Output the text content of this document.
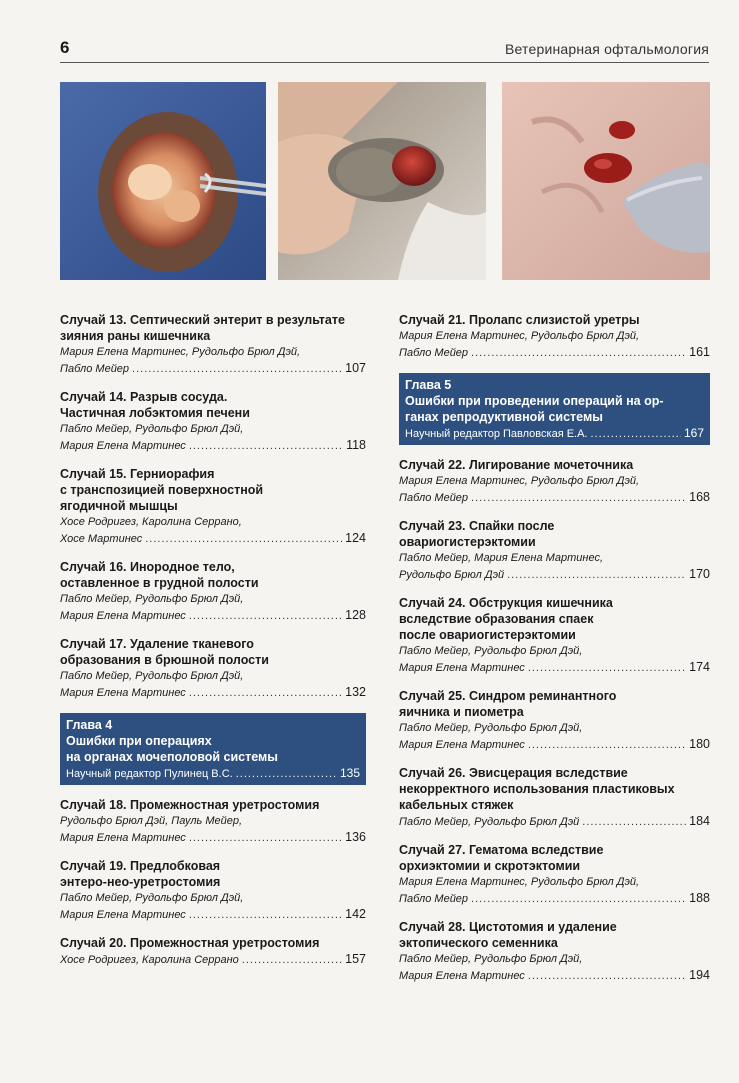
6	Ветеринарная офтальмология
Случай 13. Септический энтерит в результате
зияния раны кишечника
Мария Елена Мартинес, Рудольфо Брюл Дэй,
Пабло Мейер .....	107
Случай 14. Разрыв сосуда.
Частичная лобэктомия печени
Пабло Мейер, Рудольфо Брюл Дэй,
Мария Елена Мартинес .....	118
Случай 15. Герниорафия
с транспозицией поверхностной
ягодичной мышцы
Хосе Родригез, Каролина Серрано,
Хосе Мартинес .....	124
Случай 16. Инородное тело,
оставленное в грудной полости
Пабло Мейер, Рудольфо Брюл Дэй,
Мария Елена Мартинес .....	128
Случай 17. Удаление тканевого
образования в брюшной полости
Пабло Мейер, Рудольфо Брюл Дэй,
Мария Елена Мартинес .....	132
Глава 4
Ошибки при операциях
на органах мочеполовой системы
Научный редактор Пулинец В.С. .....	135
Случай 18. Промежностная уретростомия
Рудольфо Брюл Дэй, Пауль Мейер,
Мария Елена Мартинес .....	136
Случай 19. Предлобковая
энтеро-нео-уретростомия
Пабло Мейер, Рудольфо Брюл Дэй,
Мария Елена Мартинес .....	142
Случай 20. Промежностная уретростомия
Хосе Родригез, Каролина Серрано .....	157
Случай 21. Пролапс слизистой уретры
Мария Елена Мартинес, Рудольфо Брюл Дэй,
Пабло Мейер .....	161
Глава 5
Ошибки при проведении операций на ор-
ганах репродуктивной системы
Научный редактор Павловская Е.А. .....	167
Случай 22. Лигирование мочеточника
Мария Елена Мартинес, Рудольфо Брюл Дэй,
Пабло Мейер .....	168
Случай 23. Спайки после
овариогистерэктомии
Пабло Мейер, Мария Елена Мартинес,
Рудольфо Брюл Дэй .....	170
Случай 24. Обструкция кишечника
вследствие образования спаек
после овариогистерэктомии
Пабло Мейер, Рудольфо Брюл Дэй,
Мария Елена Мартинес .....	174
Случай 25. Синдром реминантного
яичника и пиометра
Пабло Мейер, Рудольфо Брюл Дэй,
Мария Елена Мартинес .....	180
Случай 26. Эвисцерация вследствие
некорректного использования пластиковых
кабельных стяжек
Пабло Мейер, Рудольфо Брюл Дэй .....	184
Случай 27. Гематома вследствие
орхиэктомии и скротэктомии
Мария Елена Мартинес, Рудольфо Брюл Дэй,
Пабло Мейер .....	188
Случай 28. Цистотомия и удаление
эктопического семенника
Пабло Мейер, Рудольфо Брюл Дэй,
Мария Елена Мартинес .....	194
